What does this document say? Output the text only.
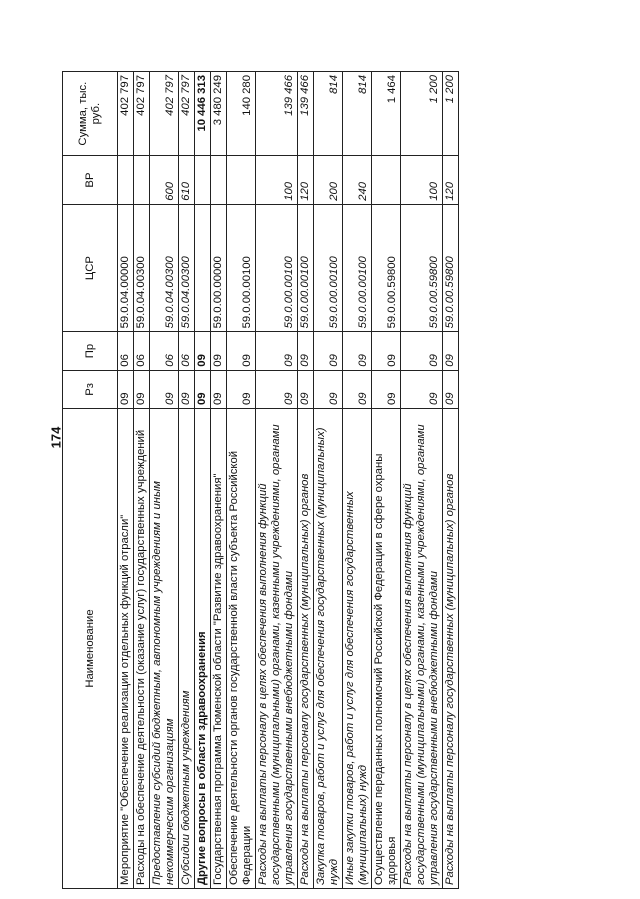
174
Наименование	Рз	Пр	ЦСР	ВР	Сумма, тыс. руб.
Мероприятие "Обеспечение реализации отдельных функций отрасли"	09	06	59.0.04.00000		402 797
Расходы на обеспечение деятельности (оказание услуг) государственных учреждений	09	06	59.0.04.00300		402 797
Предоставление субсидий бюджетным, автономным учреждениям и иным некоммерческим организациям	09	06	59.0.04.00300	600	402 797
Субсидии бюджетным учреждениям	09	06	59.0.04.00300	610	402 797
Другие вопросы в области здравоохранения	09	09			10 446 313
Государственная программа Тюменской области "Развитие здравоохранения"	09	09	59.0.00.00000		3 480 249
Обеспечение деятельности органов государственной власти субъекта Российской Федерации	09	09	59.0.00.00100		140 280
Расходы на выплаты персоналу в целях обеспечения выполнения функций государственными (муниципальными) органами, казенными учреждениями, органами управления государственными внебюджетными фондами	09	09	59.0.00.00100	100	139 466
Расходы на выплаты персоналу государственных (муниципальных) органов	09	09	59.0.00.00100	120	139 466
Закупка товаров, работ и услуг для обеспечения государственных (муниципальных) нужд	09	09	59.0.00.00100	200	814
Иные закупки товаров, работ и услуг для обеспечения государственных (муниципальных) нужд	09	09	59.0.00.00100	240	814
Осуществление переданных полномочий Российской Федерации в сфере охраны здоровья	09	09	59.0.00.59800		1 464
Расходы на выплаты персоналу в целях обеспечения выполнения функций государственными (муниципальными) органами, казенными учреждениями, органами управления государственными внебюджетными фондами	09	09	59.0.00.59800	100	1 200
Расходы на выплаты персоналу государственных (муниципальных) органов	09	09	59.0.00.59800	120	1 200
